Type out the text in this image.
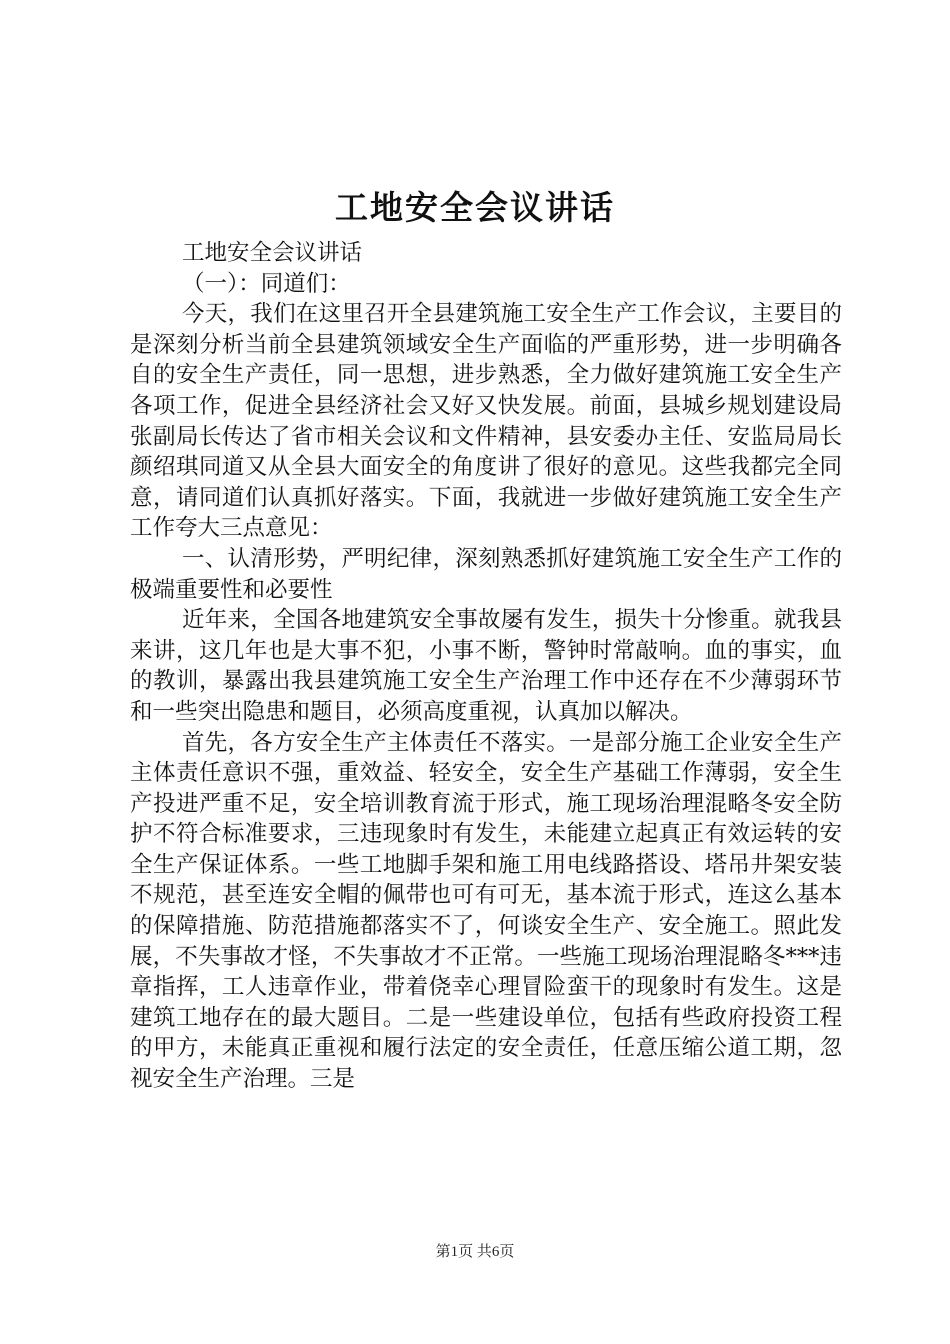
工地安全会议讲话

工地安全会议讲话

（一）：同道们：

今天，我们在这里召开全县建筑施工安全生产工作会议，主要目的是深刻分析当前全县建筑领域安全生产面临的严重形势，进一步明确各自的安全生产责任，同一思想，进步熟悉，全力做好建筑施工安全生产各项工作，促进全县经济社会又好又快发展。前面，县城乡规划建设局张副局长传达了省市相关会议和文件精神，县安委办主任、安监局局长颜绍琪同道又从全县大面安全的角度讲了很好的意见。这些我都完全同意，请同道们认真抓好落实。下面，我就进一步做好建筑施工安全生产工作夸大三点意见：

一、认清形势，严明纪律，深刻熟悉抓好建筑施工安全生产工作的极端重要性和必要性

近年来，全国各地建筑安全事故屡有发生，损失十分惨重。就我县来讲，这几年也是大事不犯，小事不断，警钟时常敲响。血的事实，血的教训，暴露出我县建筑施工安全生产治理工作中还存在不少薄弱环节和一些突出隐患和题目，必须高度重视，认真加以解决。

首先，各方安全生产主体责任不落实。一是部分施工企业安全生产主体责任意识不强，重效益、轻安全，安全生产基础工作薄弱，安全生产投进严重不足，安全培训教育流于形式，施工现场治理混略冬安全防护不符合标准要求，三违现象时有发生，未能建立起真正有效运转的安全生产保证体系。一些工地脚手架和施工用电线路搭设、塔吊井架安装不规范，甚至连安全帽的佩带也可有可无，基本流于形式，连这么基本的保障措施、防范措施都落实不了，何谈安全生产、安全施工。照此发展，不失事故才怪，不失事故才不正常。一些施工现场治理混略冬***违章指挥，工人违章作业，带着侥幸心理冒险蛮干的现象时有发生。这是建筑工地存在的最大题目。二是一些建设单位，包括有些政府投资工程的甲方，未能真正重视和履行法定的安全责任，任意压缩公道工期，忽视安全生产治理。三是

第1页 共6页
